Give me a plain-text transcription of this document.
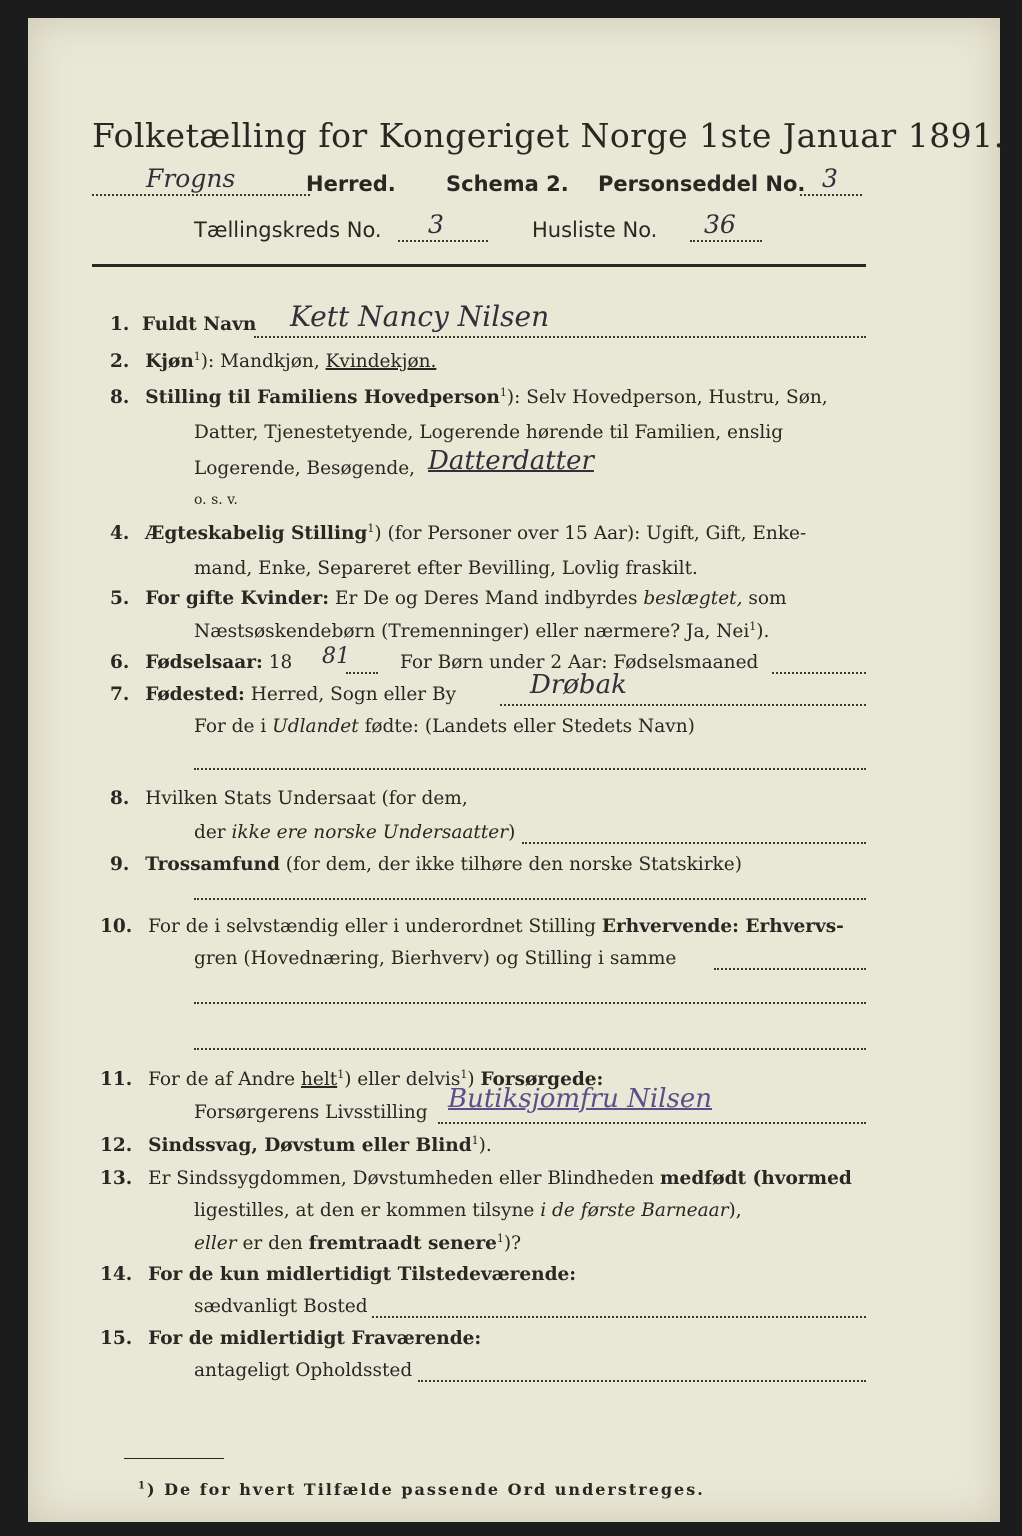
Folketælling for Kongeriget Norge 1ste Januar 1891.
Frogns	Herred. Schema 2. Personseddel No. 3
Tællingskreds No. 3	Husliste No. 36
1. Fuldt Navn Kett Nancy Nilsen
2. Kjøn$^1$): Mandkjøn, Kvindekjøn.
8. Stilling til Familiens Hovedperson$^1$): Selv Hovedperson, Hustru, Søn,
Datter, Tjenestetyende, Logerende hørende til Familien, enslig
Logerende, Besøgende, Datterdatter
o. s. v.
4. Ægteskabelig Stilling$^1$) (for Personer over 15 Aar): Ugift, Gift, Enke-
mand, Enke, Separeret efter Bevilling, Lovlig fraskilt.
5. For gifte Kvinder: Er De og Deres Mand indbyrdes beslægtet, som
Næstsøskendebørn (Tremenninger) eller nærmere? Ja, Nei$^1$).
6. Fødselsaar: 18 81	For Børn under 2 Aar: Fødselsmaaned
7. Fødested: Herred, Sogn eller By	Drøbak
For de i Udlandet fødte: (Landets eller Stedets Navn)
8. Hvilken Stats Undersaat (for dem,
der ikke ere norske Undersaatter)
9. Trossamfund (for dem, der ikke tilhøre den norske Statskirke)
10. For de i selvstændig eller i underordnet Stilling Erhvervende: Erhvervs-
gren (Hovednæring, Bierhverv) og Stilling i samme
11. For de af Andre helt$^1$) eller delvis$^1$) Forsørgede:
Forsørgerens Livsstilling Butiksjomfru Nilsen
12. Sindssvag, Døvstum eller Blind$^1$).
13. Er Sindssygdommen, Døvstumheden eller Blindheden medfødt (hvormed
ligestilles, at den er kommen tilsyne i de første Barneaar),
eller er den fremtraadt senere$^1$)?
14. For de kun midlertidigt Tilstedeværende:
sædvanligt Bosted
15. For de midlertidigt Fraværende:
antageligt Opholdssted
$^1$) De for hvert Tilfælde passende Ord understreges.
